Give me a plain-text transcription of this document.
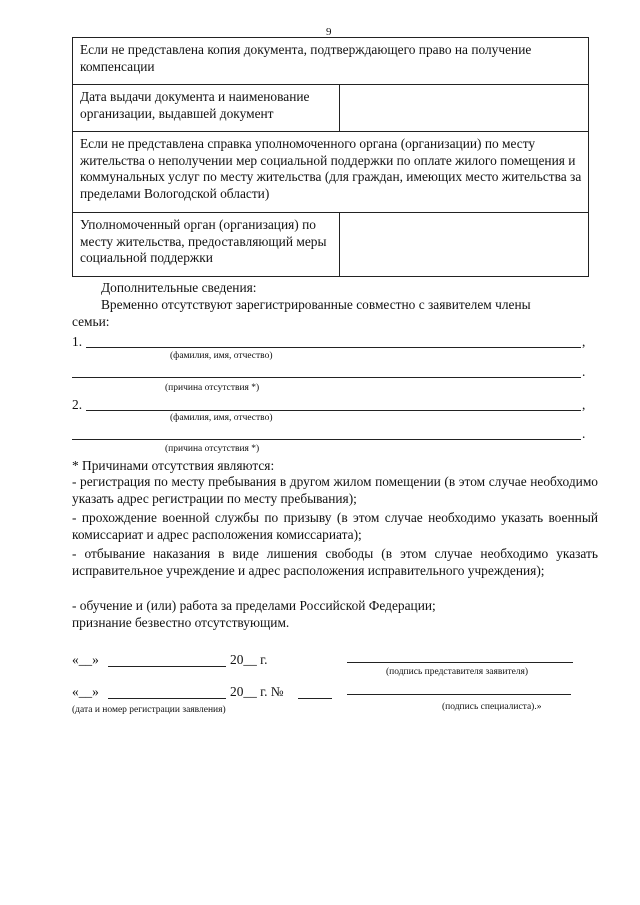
9
Если не представлена копия документа, подтверждающего право на получение компенсации
Дата выдачи документа и наименование организации, выдавшей документ
Если не представлена справка уполномоченного органа (организации) по месту жительства о неполучении мер социальной поддержки по оплате жилого помещения и коммунальных услуг по месту жительства (для граждан, имеющих место жительства за пределами Вологодской области)
Уполномоченный орган (организация) по месту жительства, предоставляющий меры социальной поддержки
Дополнительные сведения:
Временно отсутствуют зарегистрированные совместно с заявителем члены
семьи:
1.	,
(фамилия, имя, отчество)
.
(причина отсутствия *)
2.	,
(фамилия, имя, отчество)
.
(причина отсутствия *)
* Причинами отсутствия являются:
- регистрация по месту пребывания в другом жилом помещении (в этом случае необходимо указать адрес регистрации по месту пребывания);
- прохождение военной службы по призыву (в этом случае необходимо указать военный комиссариат и адрес расположения комиссариата);
- отбывание наказания в виде лишения свободы (в этом случае необходимо указать исправительное учреждение и адрес расположения исправительного учреждения);
- обучение и (или) работа за пределами Российской Федерации;
признание безвестно отсутствующим.
«__»	20__ г.
(подпись представителя заявителя)
«__»	20__ г. №
(дата и номер регистрации заявления)	(подпись специалиста).»
